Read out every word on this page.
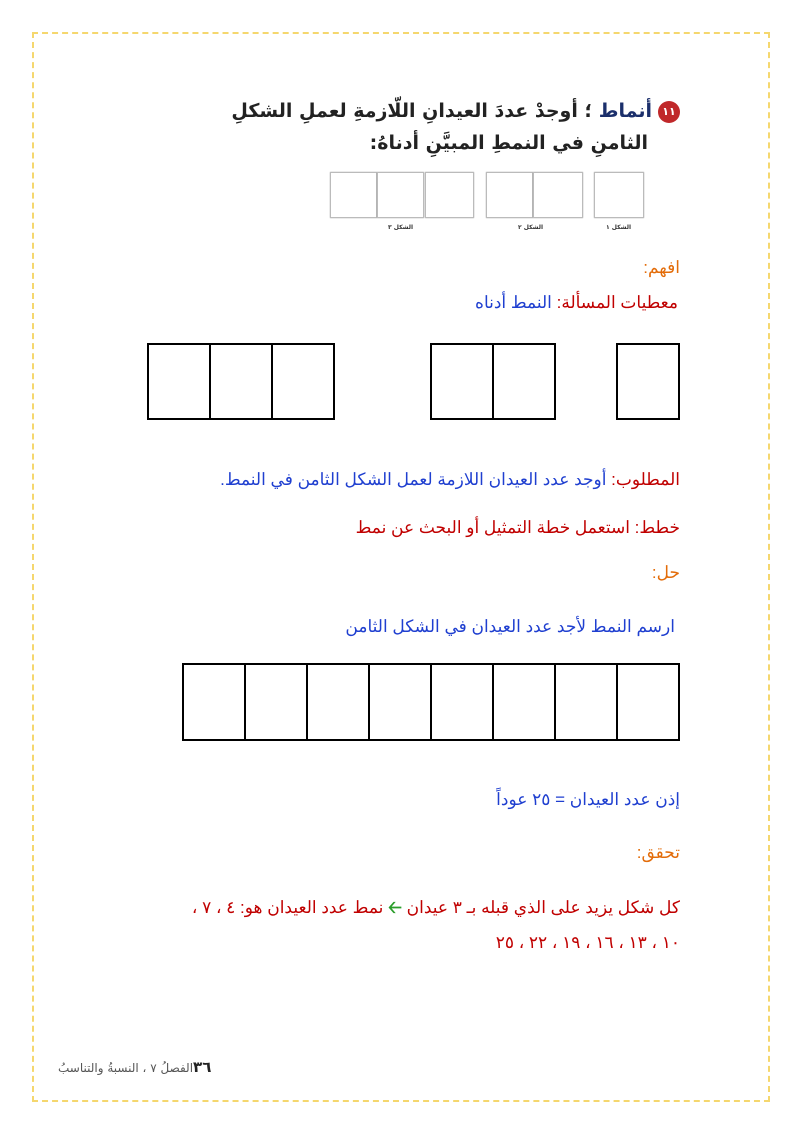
١١أنماط ؛ أوجدْ عددَ العيدانِ اللّازمةِ لعملِ الشكلِ
الثامنِ في النمطِ المبيَّنِ أدناهُ:
الشكل ١
الشكل ٢
الشكل ٣
افهم:
معطيات المسألة: النمط أدناه
المطلوب: أوجد عدد العيدان اللازمة لعمل الشكل الثامن في النمط.
خطط: استعمل خطة التمثيل أو البحث عن نمط
حل:
ارسم النمط لأجد عدد العيدان في الشكل الثامن
إذن عدد العيدان = ٢٥ عوداً
تحقق:
كل شكل يزيد على الذي قبله بـ ٣ عيدان 🡠 نمط عدد العيدان هو: ٤ ، ٧ ،
١٠ ، ١٣ ، ١٦ ، ١٩ ، ٢٢ ، ٢٥
٣٦الفصلُ ٧ ، النسبةُ والتناسبُ
